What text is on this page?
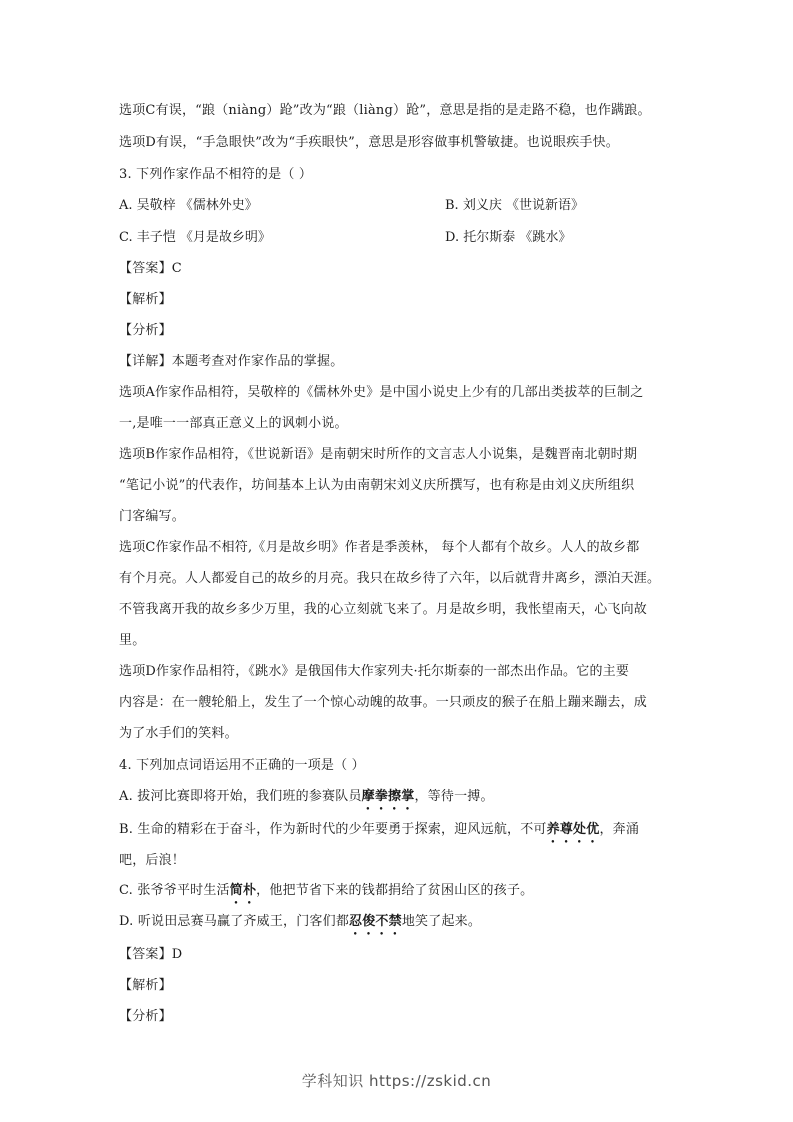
选项C有误，“踉（niàng）跄”改为“踉（liàng）跄”，意思是指的是走路不稳，也作蹒踉。
选项D有误，“手急眼快”改为“手疾眼快”，意思是形容做事机警敏捷。也说眼疾手快。
3. 下列作家作品不相符的是（ ）
A. 吴敬梓 《儒林外史》	B. 刘义庆 《世说新语》
C. 丰子恺 《月是故乡明》	D. 托尔斯泰 《跳水》
【答案】C
【解析】
【分析】
【详解】本题考查对作家作品的掌握。
选项A作家作品相符，吴敬梓的《儒林外史》是中国小说史上少有的几部出类拔萃的巨制之
一,是唯一一部真正意义上的讽刺小说。
选项B作家作品相符，《世说新语》是南朝宋时所作的文言志人小说集，是魏晋南北朝时期
“笔记小说”的代表作，坊间基本上认为由南朝宋刘义庆所撰写，也有称是由刘义庆所组织
门客编写。
选项C作家作品不相符,《月是故乡明》作者是季羡林， 每个人都有个故乡。人人的故乡都
有个月亮。人人都爱自己的故乡的月亮。我只在故乡待了六年，以后就背井离乡，漂泊天涯。
不管我离开我的故乡多少万里，我的心立刻就飞来了。月是故乡明，我怅望南天，心飞向故
里。
选项D作家作品相符，《跳水》是俄国伟大作家列夫·托尔斯泰的一部杰出作品。它的主要
内容是：在一艘轮船上，发生了一个惊心动魄的故事。一只顽皮的猴子在船上蹦来蹦去，成
为了水手们的笑料。
4. 下列加点词语运用不正确的一项是（ ）
A. 拔河比赛即将开始，我们班的参赛队员摩拳擦掌，等待一搏。
B. 生命的精彩在于奋斗，作为新时代的少年要勇于探索，迎风远航，不可养尊处优，奔涌
吧，后浪！
C. 张爷爷平时生活简朴，他把节省下来的钱都捐给了贫困山区的孩子。
D. 听说田忌赛马赢了齐威王，门客们都忍俊不禁地笑了起来。
【答案】D
【解析】
【分析】
学科知识 https://zskid.cn
